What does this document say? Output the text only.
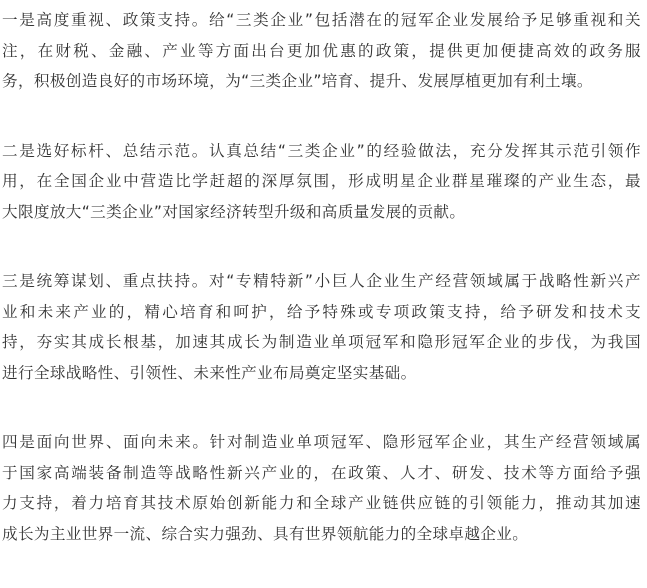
一是高度重视、政策支持。给“三类企业”包括潜在的冠军企业发展给予足够重视和关
注，在财税、金融、产业等方面出台更加优惠的政策，提供更加便捷高效的政务服
务，积极创造良好的市场环境，为“三类企业”培育、提升、发展厚植更加有利土壤。

二是选好标杆、总结示范。认真总结“三类企业”的经验做法，充分发挥其示范引领作
用，在全国企业中营造比学赶超的深厚氛围，形成明星企业群星璀璨的产业生态，最
大限度放大“三类企业”对国家经济转型升级和高质量发展的贡献。

三是统筹谋划、重点扶持。对“专精特新”小巨人企业生产经营领域属于战略性新兴产
业和未来产业的，精心培育和呵护，给予特殊或专项政策支持，给予研发和技术支
持，夯实其成长根基，加速其成长为制造业单项冠军和隐形冠军企业的步伐，为我国
进行全球战略性、引领性、未来性产业布局奠定坚实基础。

四是面向世界、面向未来。针对制造业单项冠军、隐形冠军企业，其生产经营领域属
于国家高端装备制造等战略性新兴产业的，在政策、人才、研发、技术等方面给予强
力支持，着力培育其技术原始创新能力和全球产业链供应链的引领能力，推动其加速
成长为主业世界一流、综合实力强劲、具有世界领航能力的全球卓越企业。
